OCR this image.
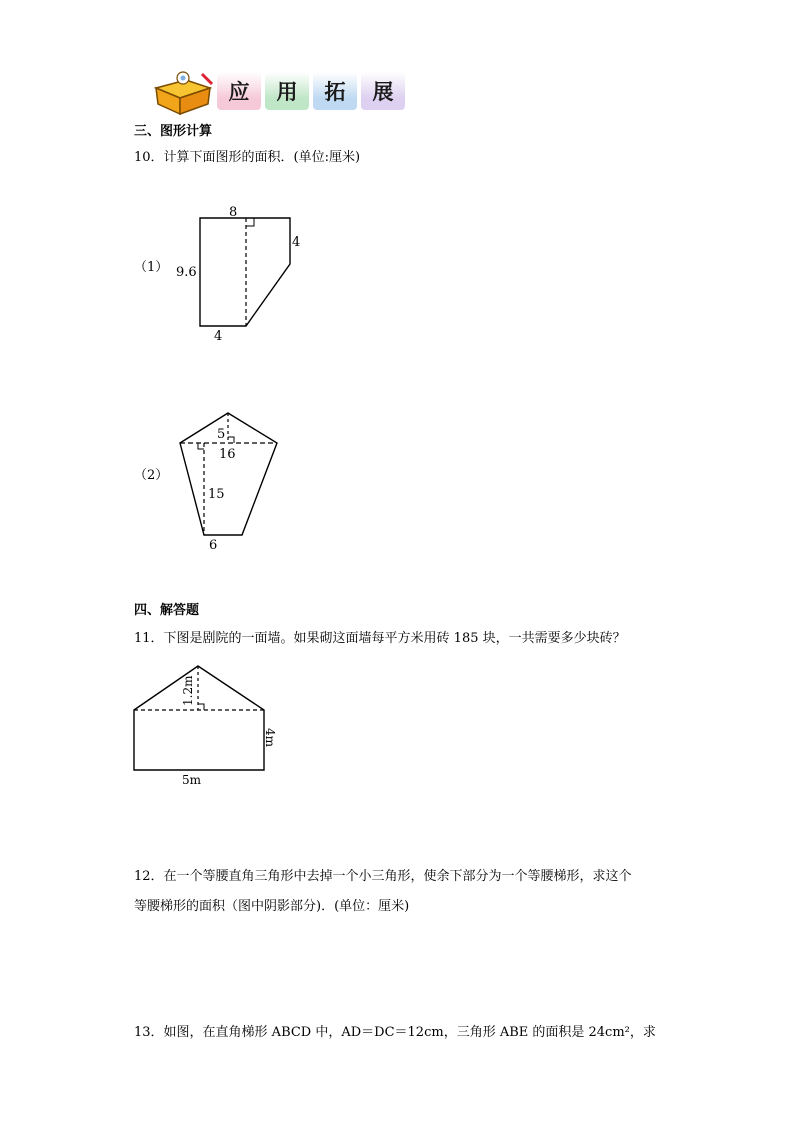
应 用 拓 展
三、图形计算
10．计算下面图形的面积．(单位:厘米)
（1）
8
4
9.6
4
（2）
5
16
15
6
四、解答题
11．下图是剧院的一面墙。如果砌这面墙每平方米用砖 185 块，一共需要多少块砖？
1.2m
4m
5m
12．在一个等腰直角三角形中去掉一个小三角形，使余下部分为一个等腰梯形，求这个
等腰梯形的面积（图中阴影部分)．(单位：厘米)
13．如图，在直角梯形 ABCD 中，AD＝DC＝12cm，三角形 ABE 的面积是 24cm²，求
